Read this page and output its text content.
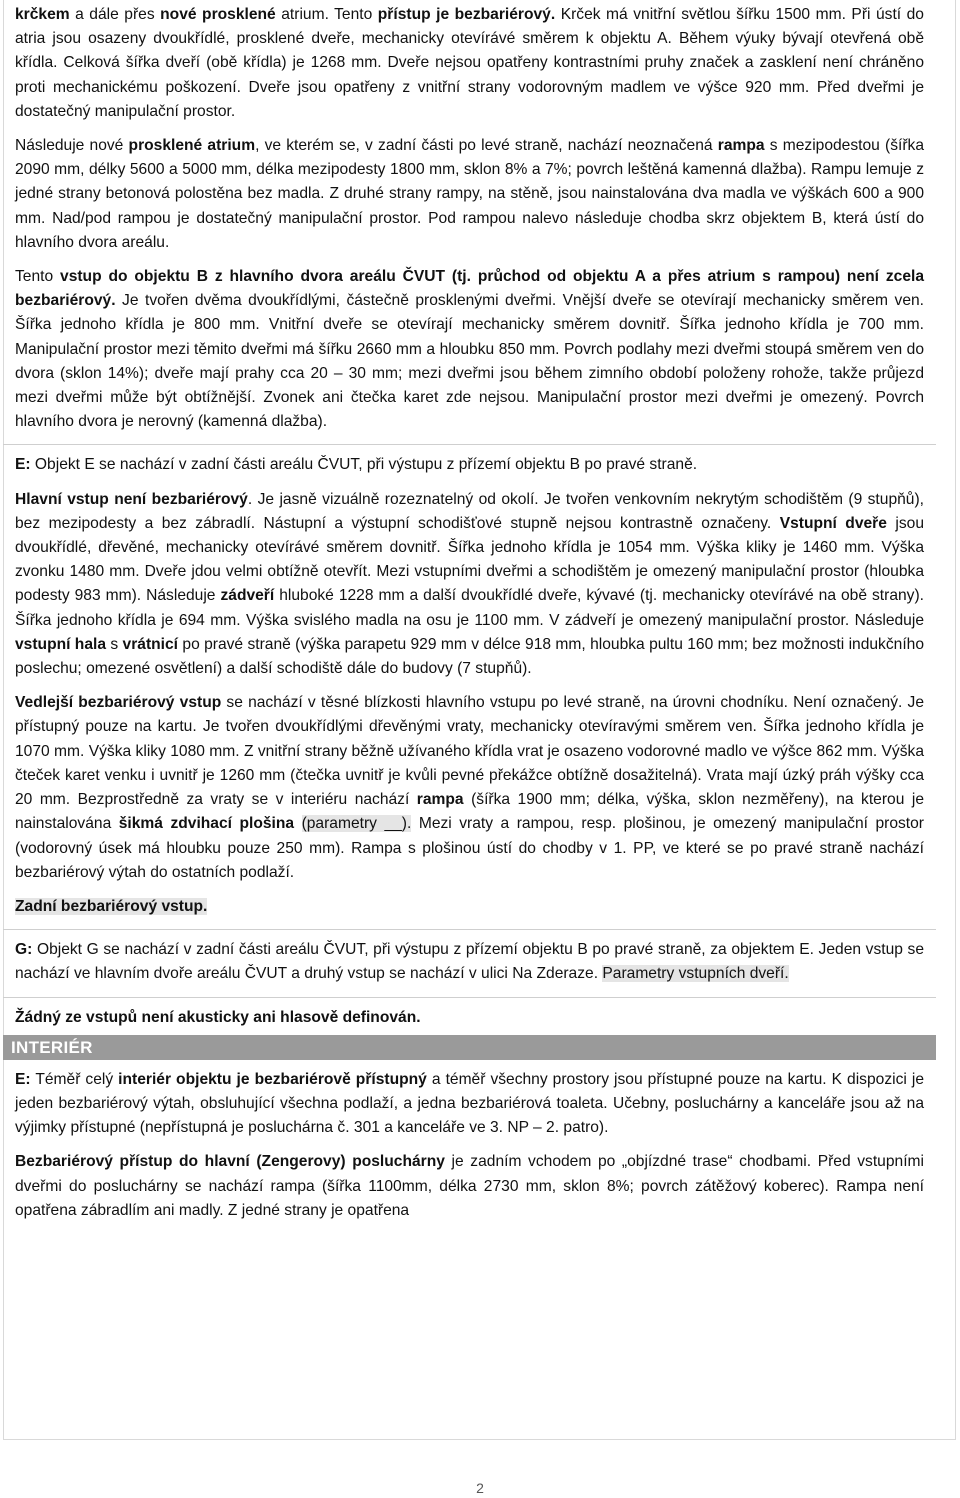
krčkem a dále přes nové prosklené atrium. Tento přístup je bezbariérový. Krček má vnitřní světlou šířku 1500 mm. Při ústí do atria jsou osazeny dvoukřídlé, prosklené dveře, mechanicky otevírávé směrem k objektu A. Během výuky bývají otevřená obě křídla. Celková šířka dveří (obě křídla) je 1268 mm. Dveře nejsou opatřeny kontrastními pruhy značek a zasklení není chráněno proti mechanickému poškození. Dveře jsou opatřeny z vnitřní strany vodorovným madlem ve výšce 920 mm. Před dveřmi je dostatečný manipulační prostor.

Následuje nové prosklené atrium, ve kterém se, v zadní části po levé straně, nachází neoznačená rampa s mezipodestou (šířka 2090 mm, délky 5600 a 5000 mm, délka mezipodesty 1800 mm, sklon 8% a 7%; povrch leštěná kamenná dlažba). Rampu lemuje z jedné strany betonová polostěna bez madla. Z druhé strany rampy, na stěně, jsou nainstalována dva madla ve výškách 600 a 900 mm. Nad/pod rampou je dostatečný manipulační prostor. Pod rampou nalevo následuje chodba skrz objektem B, která ústí do hlavního dvora areálu.

Tento vstup do objektu B z hlavního dvora areálu ČVUT (tj. průchod od objektu A a přes atrium s rampou) není zcela bezbariérový. Je tvořen dvěma dvoukřídlými, částečně prosklenými dveřmi. Vnější dveře se otevírají mechanicky směrem ven. Šířka jednoho křídla je 800 mm. Vnitřní dveře se otevírají mechanicky směrem dovnitř. Šířka jednoho křídla je 700 mm. Manipulační prostor mezi těmito dveřmi má šířku 2660 mm a hloubku 850 mm. Povrch podlahy mezi dveřmi stoupá směrem ven do dvora (sklon 14%); dveře mají prahy cca 20 – 30 mm; mezi dveřmi jsou během zimního období položeny rohože, takže průjezd mezi dveřmi může být obtížnější. Zvonek ani čtečka karet zde nejsou. Manipulační prostor mezi dveřmi je omezený. Povrch hlavního dvora je nerovný (kamenná dlažba).

E: Objekt E se nachází v zadní části areálu ČVUT, při výstupu z přízemí objektu B po pravé straně.

Hlavní vstup není bezbariérový. Je jasně vizuálně rozeznatelný od okolí. Je tvořen venkovním nekrytým schodištěm (9 stupňů), bez mezipodesty a bez zábradlí. Nástupní a výstupní schodišťové stupně nejsou kontrastně označeny. Vstupní dveře jsou dvoukřídlé, dřevěné, mechanicky otevírávé směrem dovnitř. Šířka jednoho křídla je 1054 mm. Výška kliky je 1460 mm. Výška zvonku 1480 mm. Dveře jdou velmi obtížně otevřít. Mezi vstupními dveřmi a schodištěm je omezený manipulační prostor (hloubka podesty 983 mm). Následuje zádveří hluboké 1228 mm a další dvoukřídlé dveře, kývavé (tj. mechanicky otevírávé na obě strany). Šířka jednoho křídla je 694 mm. Výška svislého madla na osu je 1100 mm. V zádveří je omezený manipulační prostor. Následuje vstupní hala s vrátnicí po pravé straně (výška parapetu 929 mm v délce 918 mm, hloubka pultu 160 mm; bez možnosti indukčního poslechu; omezené osvětlení) a další schodiště dále do budovy (7 stupňů).

Vedlejší bezbariérový vstup se nachází v těsné blízkosti hlavního vstupu po levé straně, na úrovni chodníku. Není označený. Je přístupný pouze na kartu. Je tvořen dvoukřídlými dřevěnými vraty, mechanicky otevíravými směrem ven. Šířka jednoho křídla je 1070 mm. Výška kliky 1080 mm. Z vnitřní strany běžně užívaného křídla vrat je osazeno vodorovné madlo ve výšce 862 mm. Výška čteček karet venku i uvnitř je 1260 mm (čtečka uvnitř je kvůli pevné překážce obtížně dosažitelná). Vrata mají úzký práh výšky cca 20 mm. Bezprostředně za vraty se v interiéru nachází rampa (šířka 1900 mm; délka, výška, sklon nezměřeny), na kterou je nainstalována šikmá zdvihací plošina (parametry __). Mezi vraty a rampou, resp. plošinou, je omezený manipulační prostor (vodorovný úsek má hloubku pouze 250 mm). Rampa s plošinou ústí do chodby v 1. PP, ve které se po pravé straně nachází bezbariérový výtah do ostatních podlaží.

Zadní bezbariérový vstup.

G: Objekt G se nachází v zadní části areálu ČVUT, při výstupu z přízemí objektu B po pravé straně, za objektem E. Jeden vstup se nachází ve hlavním dvoře areálu ČVUT a druhý vstup se nachází v ulici Na Zderaze. Parametry vstupních dveří.

Žádný ze vstupů není akusticky ani hlasově definován.

INTERIÉR

E: Téměř celý interiér objektu je bezbariérově přístupný a téměř všechny prostory jsou přístupné pouze na kartu. K dispozici je jeden bezbariérový výtah, obsluhující všechna podlaží, a jedna bezbariérová toaleta. Učebny, posluchárny a kanceláře jsou až na výjimky přístupné (nepřístupná je posluchárna č. 301 a kanceláře ve 3. NP – 2. patro).

Bezbariérový přístup do hlavní (Zengerovy) posluchárny je zadním vchodem po „objízdné trase“ chodbami. Před vstupními dveřmi do posluchárny se nachází rampa (šířka 1100mm, délka 2730 mm, sklon 8%; povrch zátěžový koberec). Rampa není opatřena zábradlím ani madly. Z jedné strany je opatřena

2
